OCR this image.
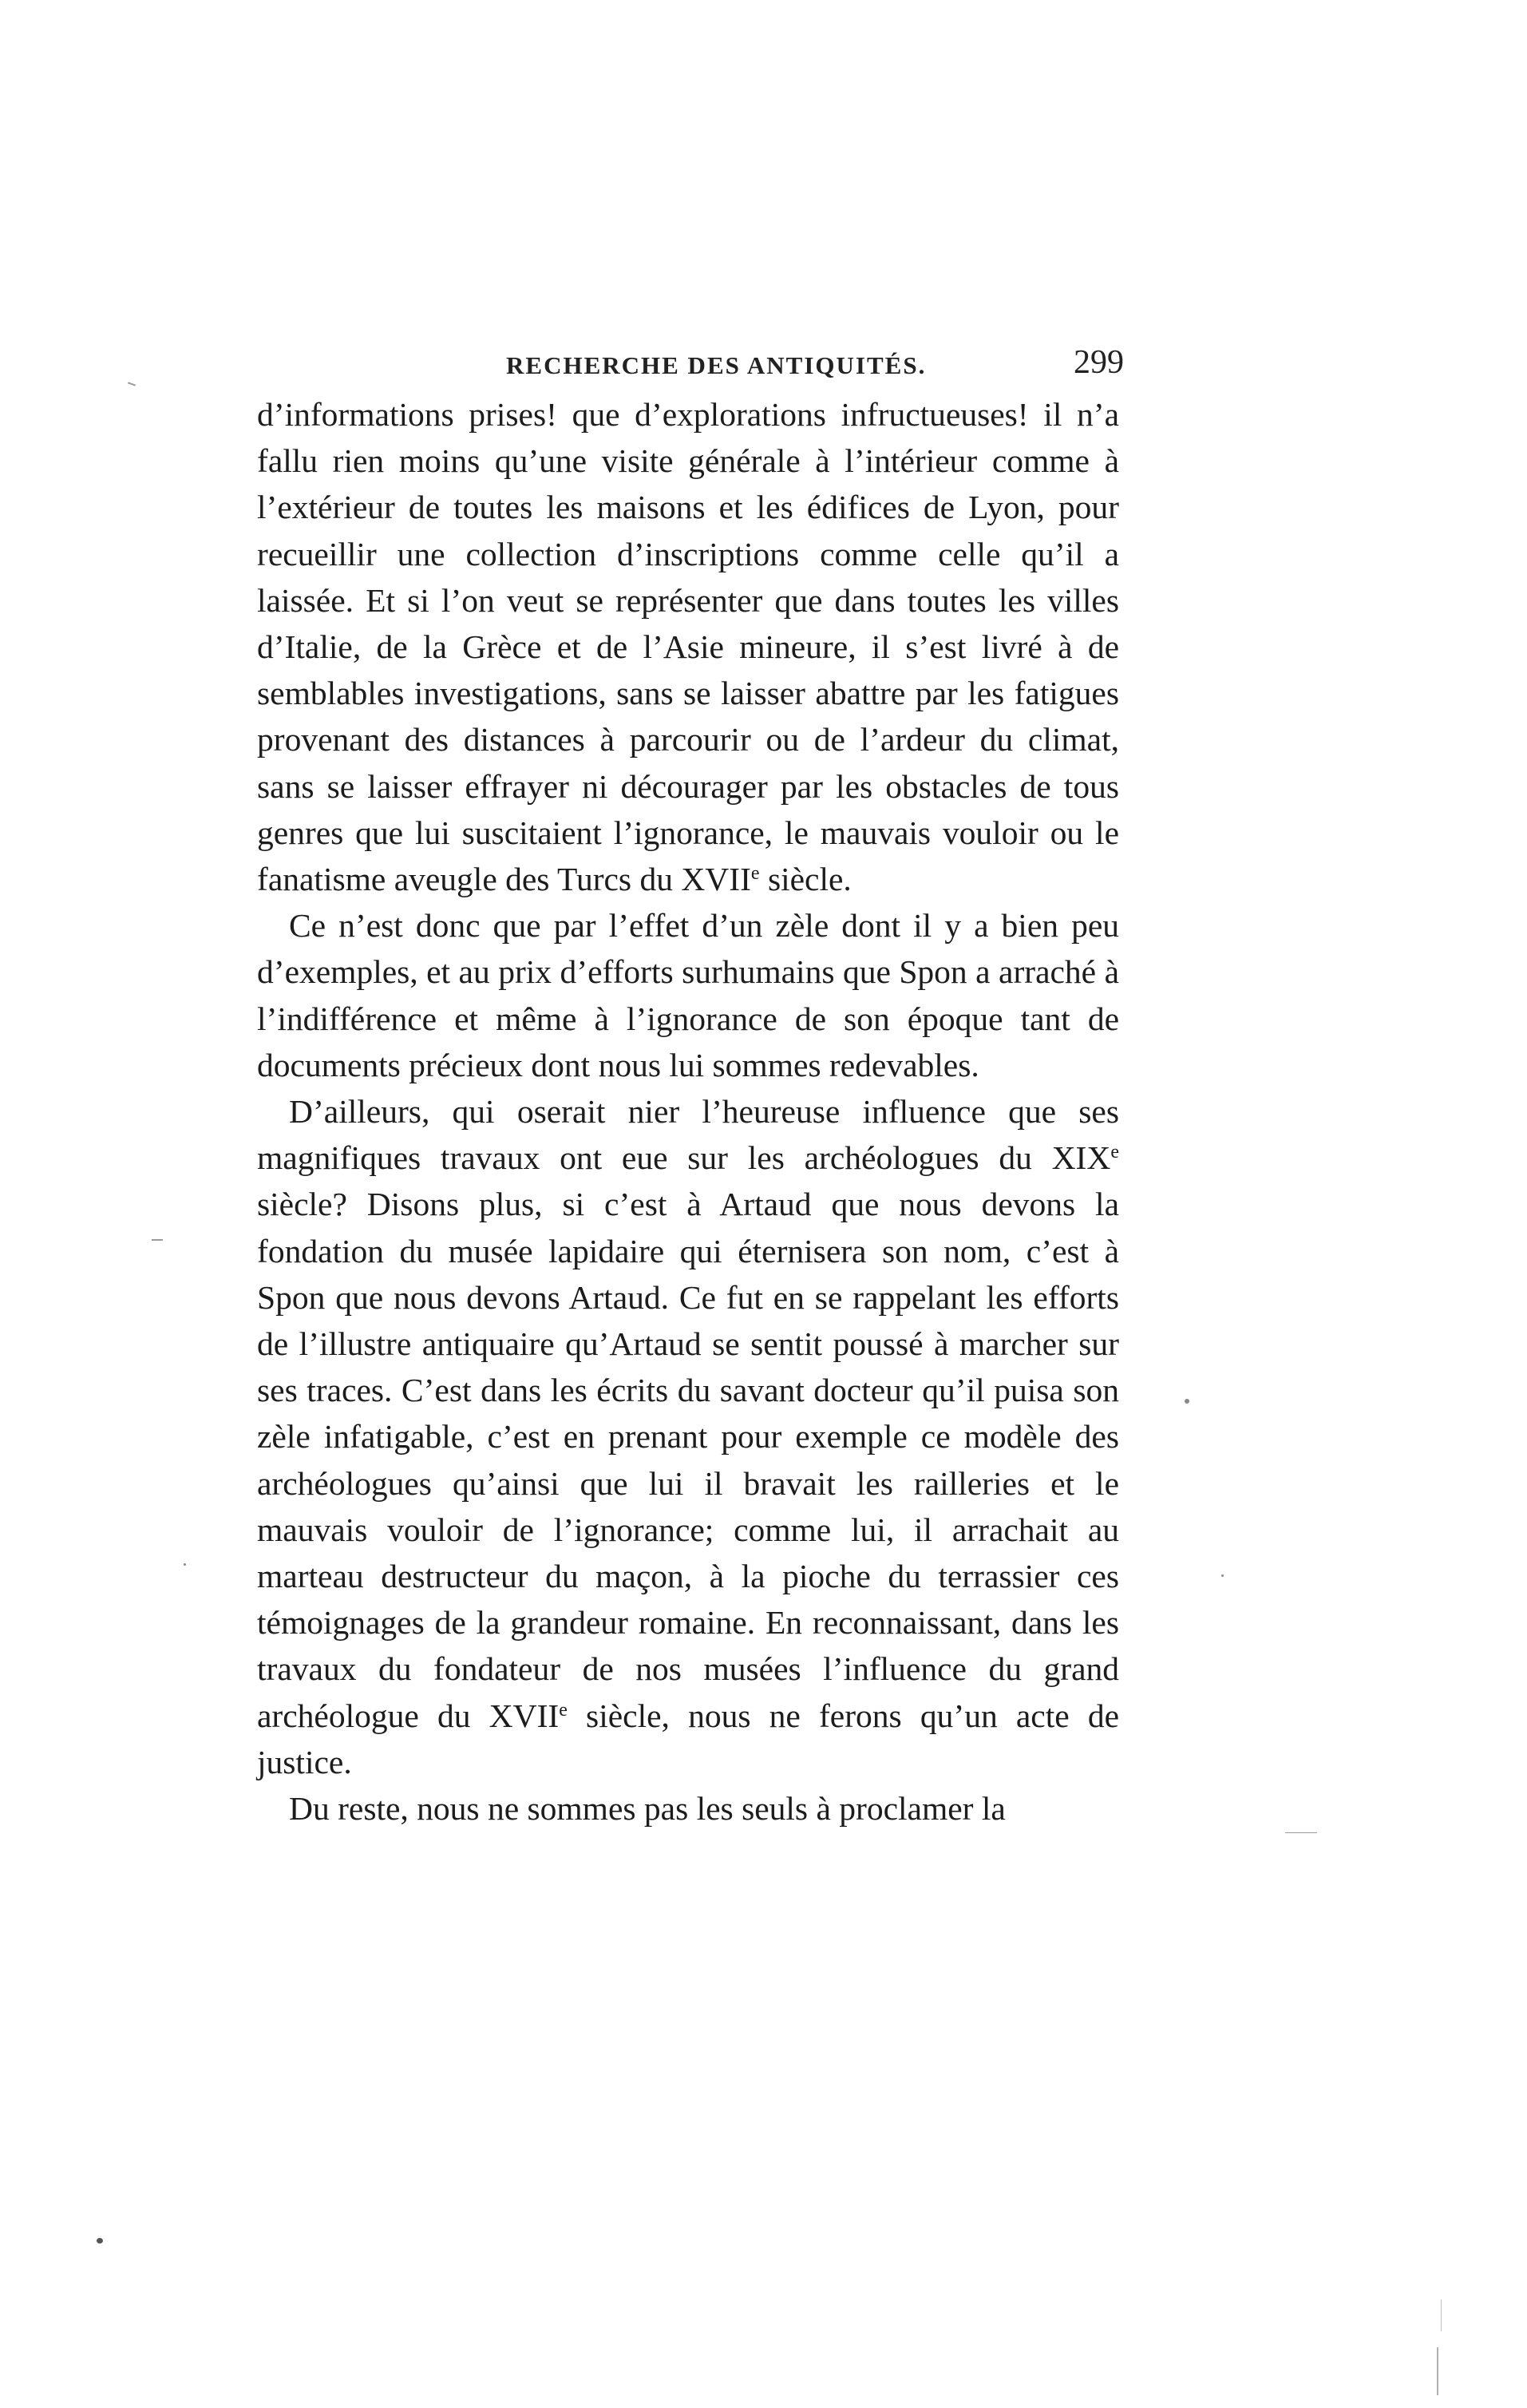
RECHERCHE DES ANTIQUITÉS.	299

d’informations prises! que d’explorations infructueuses! il n’a fallu rien moins qu’une visite générale à l’intérieur comme à l’extérieur de toutes les maisons et les édifices de Lyon, pour recueillir une collection d’inscriptions comme celle qu’il a laissée. Et si l’on veut se représenter que dans toutes les villes d’Italie, de la Grèce et de l’Asie mineure, il s’est livré à de semblables investigations, sans se laisser abattre par les fatigues provenant des distances à parcourir ou de l’ardeur du climat, sans se laisser effrayer ni décourager par les obstacles de tous genres que lui suscitaient l’ignorance, le mauvais vouloir ou le fanatisme aveugle des Turcs du XVIIe siècle.

Ce n’est donc que par l’effet d’un zèle dont il y a bien peu d’exemples, et au prix d’efforts surhumains que Spon a arraché à l’indifférence et même à l’ignorance de son époque tant de documents précieux dont nous lui sommes redevables.

D’ailleurs, qui oserait nier l’heureuse influence que ses magnifiques travaux ont eue sur les archéologues du XIXe siècle? Disons plus, si c’est à Artaud que nous devons la fondation du musée lapidaire qui éternisera son nom, c’est à Spon que nous devons Artaud. Ce fut en se rappelant les efforts de l’illustre antiquaire qu’Artaud se sentit poussé à marcher sur ses traces. C’est dans les écrits du savant docteur qu’il puisa son zèle infatigable, c’est en prenant pour exemple ce modèle des archéologues qu’ainsi que lui il bravait les railleries et le mauvais vouloir de l’ignorance; comme lui, il arrachait au marteau destructeur du maçon, à la pioche du terrassier ces témoignages de la grandeur romaine. En reconnaissant, dans les travaux du fondateur de nos musées l’influence du grand archéologue du XVIIe siècle, nous ne ferons qu’un acte de justice.

Du reste, nous ne sommes pas les seuls à proclamer la
